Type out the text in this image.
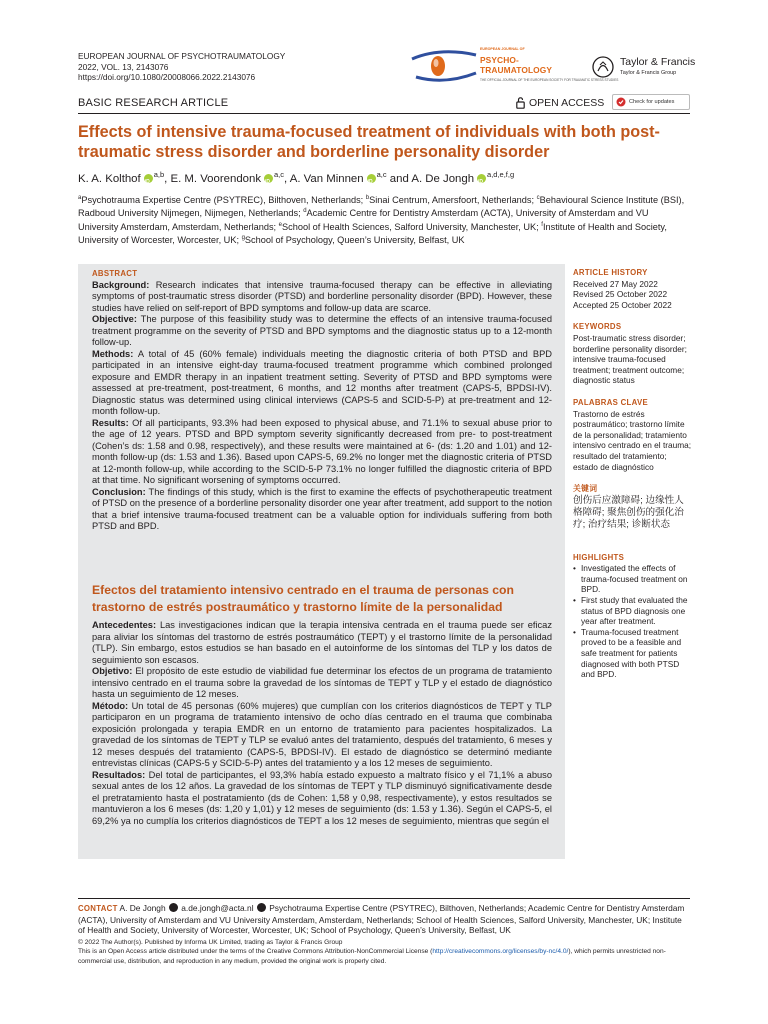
EUROPEAN JOURNAL OF PSYCHOTRAUMATOLOGY
2022, VOL. 13, 2143076
https://doi.org/10.1080/20008066.2022.2143076
EUROPEAN JOURNAL OF
PSYCHO-
TRAUMATOLOGY
THE OFFICIAL JOURNAL OF THE EUROPEAN SOCIETY FOR TRAUMATIC STRESS STUDIES
Taylor & Francis
Taylor & Francis Group
BASIC RESEARCH ARTICLE	OPEN ACCESS	Check for updates
Effects of intensive trauma-focused treatment of individuals with both post-traumatic stress disorder and borderline personality disorder
K. A. Kolthof iD $^{a,b}$, E. M. Voorendonk iD $^{a,c}$, A. Van Minnen iD $^{a,c}$ and A. De Jongh iD $^{a,d,e,f,g}$
$^a$Psychotrauma Expertise Centre (PSYTREC), Bilthoven, Netherlands; $^b$Sinai Centrum, Amersfoort, Netherlands; $^c$Behavioural Science Institute (BSI), Radboud University Nijmegen, Nijmegen, Netherlands; $^d$Academic Centre for Dentistry Amsterdam (ACTA), University of Amsterdam and VU University Amsterdam, Amsterdam, Netherlands; $^e$School of Health Sciences, Salford University, Manchester, UK; $^f$Institute of Health and Society, University of Worcester, Worcester, UK; $^g$School of Psychology, Queen’s University, Belfast, UK
ABSTRACT

Background: Research indicates that intensive trauma-focused therapy can be effective in alleviating symptoms of post-traumatic stress disorder (PTSD) and borderline personality disorder (BPD). However, these studies have relied on self-report of BPD symptoms and follow-up data are scarce.

Objective: The purpose of this feasibility study was to determine the effects of an intensive trauma-focused treatment programme on the severity of PTSD and BPD symptoms and the diagnostic status up to a 12-month follow-up.

Methods: A total of 45 (60% female) individuals meeting the diagnostic criteria of both PTSD and BPD participated in an intensive eight-day trauma-focused treatment programme which combined prolonged exposure and EMDR therapy in an inpatient treatment setting. Severity of PTSD and BPD symptoms were assessed at pre-treatment, post-treatment, 6 months, and 12 months after treatment (CAPS-5, BPDSI-IV). Diagnostic status was determined using clinical interviews (CAPS-5 and SCID-5-P) at pre-treatment and 12-month follow-up.

Results: Of all participants, 93.3% had been exposed to physical abuse, and 71.1% to sexual abuse prior to the age of 12 years. PTSD and BPD symptom severity significantly decreased from pre- to post-treatment (Cohen’s ds: 1.58 and 0.98, respectively), and these results were maintained at 6- (ds: 1.20 and 1.01) and 12-month follow-up (ds: 1.53 and 1.36). Based upon CAPS-5, 69.2% no longer met the diagnostic criteria of PTSD at 12-month follow-up, while according to the SCID-5-P 73.1% no longer fulfilled the diagnostic criteria of BPD at that time. No significant worsening of symptoms occurred.

Conclusion: The findings of this study, which is the first to examine the effects of psychotherapeutic treatment of PTSD on the presence of a borderline personality disorder one year after treatment, add support to the notion that a brief intensive trauma-focused treatment can be a valuable option for individuals suffering from both PTSD and BPD.

Efectos del tratamiento intensivo centrado en el trauma de personas con trastorno de estrés postraumático y trastorno límite de la personalidad

Antecedentes: Las investigaciones indican que la terapia intensiva centrada en el trauma puede ser eficaz para aliviar los síntomas del trastorno de estrés postraumático (TEPT) y el trastorno límite de la personalidad (TLP). Sin embargo, estos estudios se han basado en el autoinforme de los síntomas del TLP y los datos de seguimiento son escasos.

Objetivo: El propósito de este estudio de viabilidad fue determinar los efectos de un programa de tratamiento intensivo centrado en el trauma sobre la gravedad de los síntomas de TEPT y TLP y el estado de diagnóstico hasta un seguimiento de 12 meses.

Método: Un total de 45 personas (60% mujeres) que cumplían con los criterios diagnósticos de TEPT y TLP participaron en un programa de tratamiento intensivo de ocho días centrado en el trauma que combinaba exposición prolongada y terapia EMDR en un entorno de tratamiento para pacientes hospitalizados. La gravedad de los síntomas de TEPT y TLP se evaluó antes del tratamiento, después del tratamiento, 6 meses y 12 meses después del tratamiento (CAPS-5, BPDSI-IV). El estado de diagnóstico se determinó mediante entrevistas clínicas (CAPS-5 y SCID-5-P) antes del tratamiento y a los 12 meses de seguimiento.

Resultados: Del total de participantes, el 93,3% había estado expuesto a maltrato físico y el 71,1% a abuso sexual antes de los 12 años. La gravedad de los síntomas de TEPT y TLP disminuyó significativamente desde el pretratamiento hasta el postratamiento (ds de Cohen: 1,58 y 0,98, respectivamente), y estos resultados se mantuvieron a los 6 meses (ds: 1,20 y 1,01) y 12 meses de seguimiento (ds: 1.53 y 1.36). Según el CAPS-5, el 69,2% ya no cumplía los criterios diagnósticos de TEPT a los 12 meses de seguimiento, mientras que según el

ARTICLE HISTORY
Received 27 May 2022
Revised 25 October 2022
Accepted 25 October 2022
KEYWORDS
Post-traumatic stress disorder; borderline personality disorder; intensive trauma-focused treatment; treatment outcome; diagnostic status
PALABRAS CLAVE
Trastorno de estrés postraumático; trastorno límite de la personalidad; tratamiento intensivo centrado en el trauma; resultado del tratamiento; estado de diagnóstico
关键词
创伤后应激障碍; 边缘性人格障碍; 聚焦创伤的强化治疗; 治疗结果; 诊断状态
HIGHLIGHTS
• Investigated the effects of trauma-focused treatment on BPD.
• First study that evaluated the status of BPD diagnosis one year after treatment.
• Trauma-focused treatment proved to be a feasible and safe treatment for patients diagnosed with both PTSD and BPD.
CONTACT A. De Jongh  a.de.jongh@acta.nl  Psychotrauma Expertise Centre (PSYTREC), Bilthoven, Netherlands; Academic Centre for Dentistry Amsterdam (ACTA), University of Amsterdam and VU University Amsterdam, Amsterdam, Netherlands; School of Health Sciences, Salford University, Manchester, UK; Institute of Health and Society, University of Worcester, Worcester, UK; School of Psychology, Queen’s University, Belfast, UK
© 2022 The Author(s). Published by Informa UK Limited, trading as Taylor & Francis Group
This is an Open Access article distributed under the terms of the Creative Commons Attribution-NonCommercial License (http://creativecommons.org/licenses/by-nc/4.0/), which permits unrestricted non-commercial use, distribution, and reproduction in any medium, provided the original work is properly cited.
